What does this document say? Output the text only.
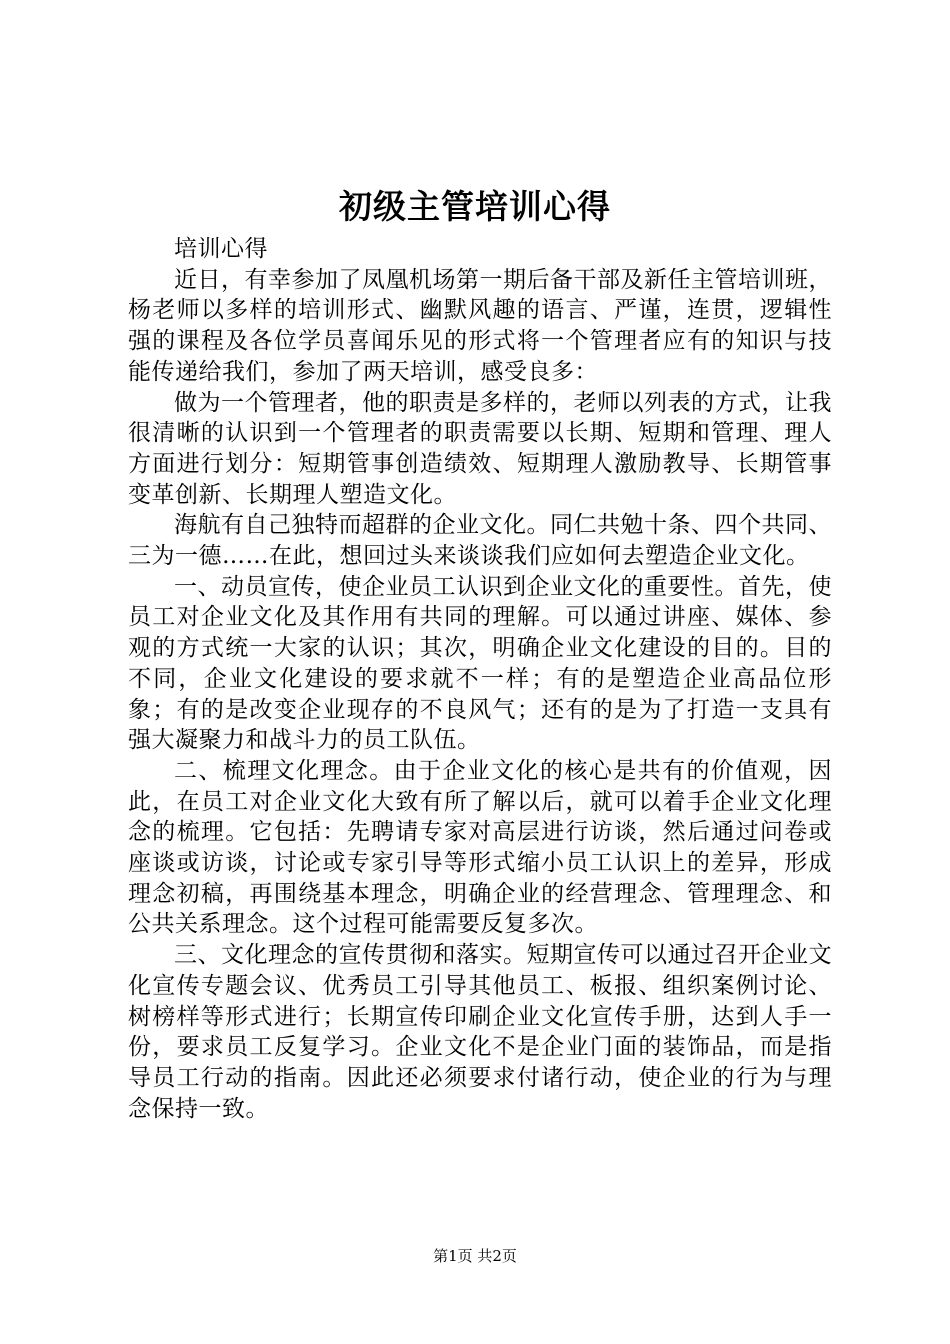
初级主管培训心得

培训心得

近日，有幸参加了凤凰机场第一期后备干部及新任主管培训班，杨老师以多样的培训形式、幽默风趣的语言、严谨，连贯，逻辑性强的课程及各位学员喜闻乐见的形式将一个管理者应有的知识与技能传递给我们，参加了两天培训，感受良多：

做为一个管理者，他的职责是多样的，老师以列表的方式，让我很清晰的认识到一个管理者的职责需要以长期、短期和管理、理人方面进行划分：短期管事创造绩效、短期理人激励教导、长期管事变革创新、长期理人塑造文化。

海航有自己独特而超群的企业文化。同仁共勉十条、四个共同、三为一德……在此，想回过头来谈谈我们应如何去塑造企业文化。

一、动员宣传，使企业员工认识到企业文化的重要性。首先，使员工对企业文化及其作用有共同的理解。可以通过讲座、媒体、参观的方式统一大家的认识；其次，明确企业文化建设的目的。目的不同，企业文化建设的要求就不一样；有的是塑造企业高品位形象；有的是改变企业现存的不良风气；还有的是为了打造一支具有强大凝聚力和战斗力的员工队伍。

二、梳理文化理念。由于企业文化的核心是共有的价值观，因此，在员工对企业文化大致有所了解以后，就可以着手企业文化理念的梳理。它包括：先聘请专家对高层进行访谈，然后通过问卷或座谈或访谈，讨论或专家引导等形式缩小员工认识上的差异，形成理念初稿，再围绕基本理念，明确企业的经营理念、管理理念、和公共关系理念。这个过程可能需要反复多次。

三、文化理念的宣传贯彻和落实。短期宣传可以通过召开企业文化宣传专题会议、优秀员工引导其他员工、板报、组织案例讨论、树榜样等形式进行；长期宣传印刷企业文化宣传手册，达到人手一份，要求员工反复学习。企业文化不是企业门面的装饰品，而是指导员工行动的指南。因此还必须要求付诸行动，使企业的行为与理念保持一致。

第1页 共2页
